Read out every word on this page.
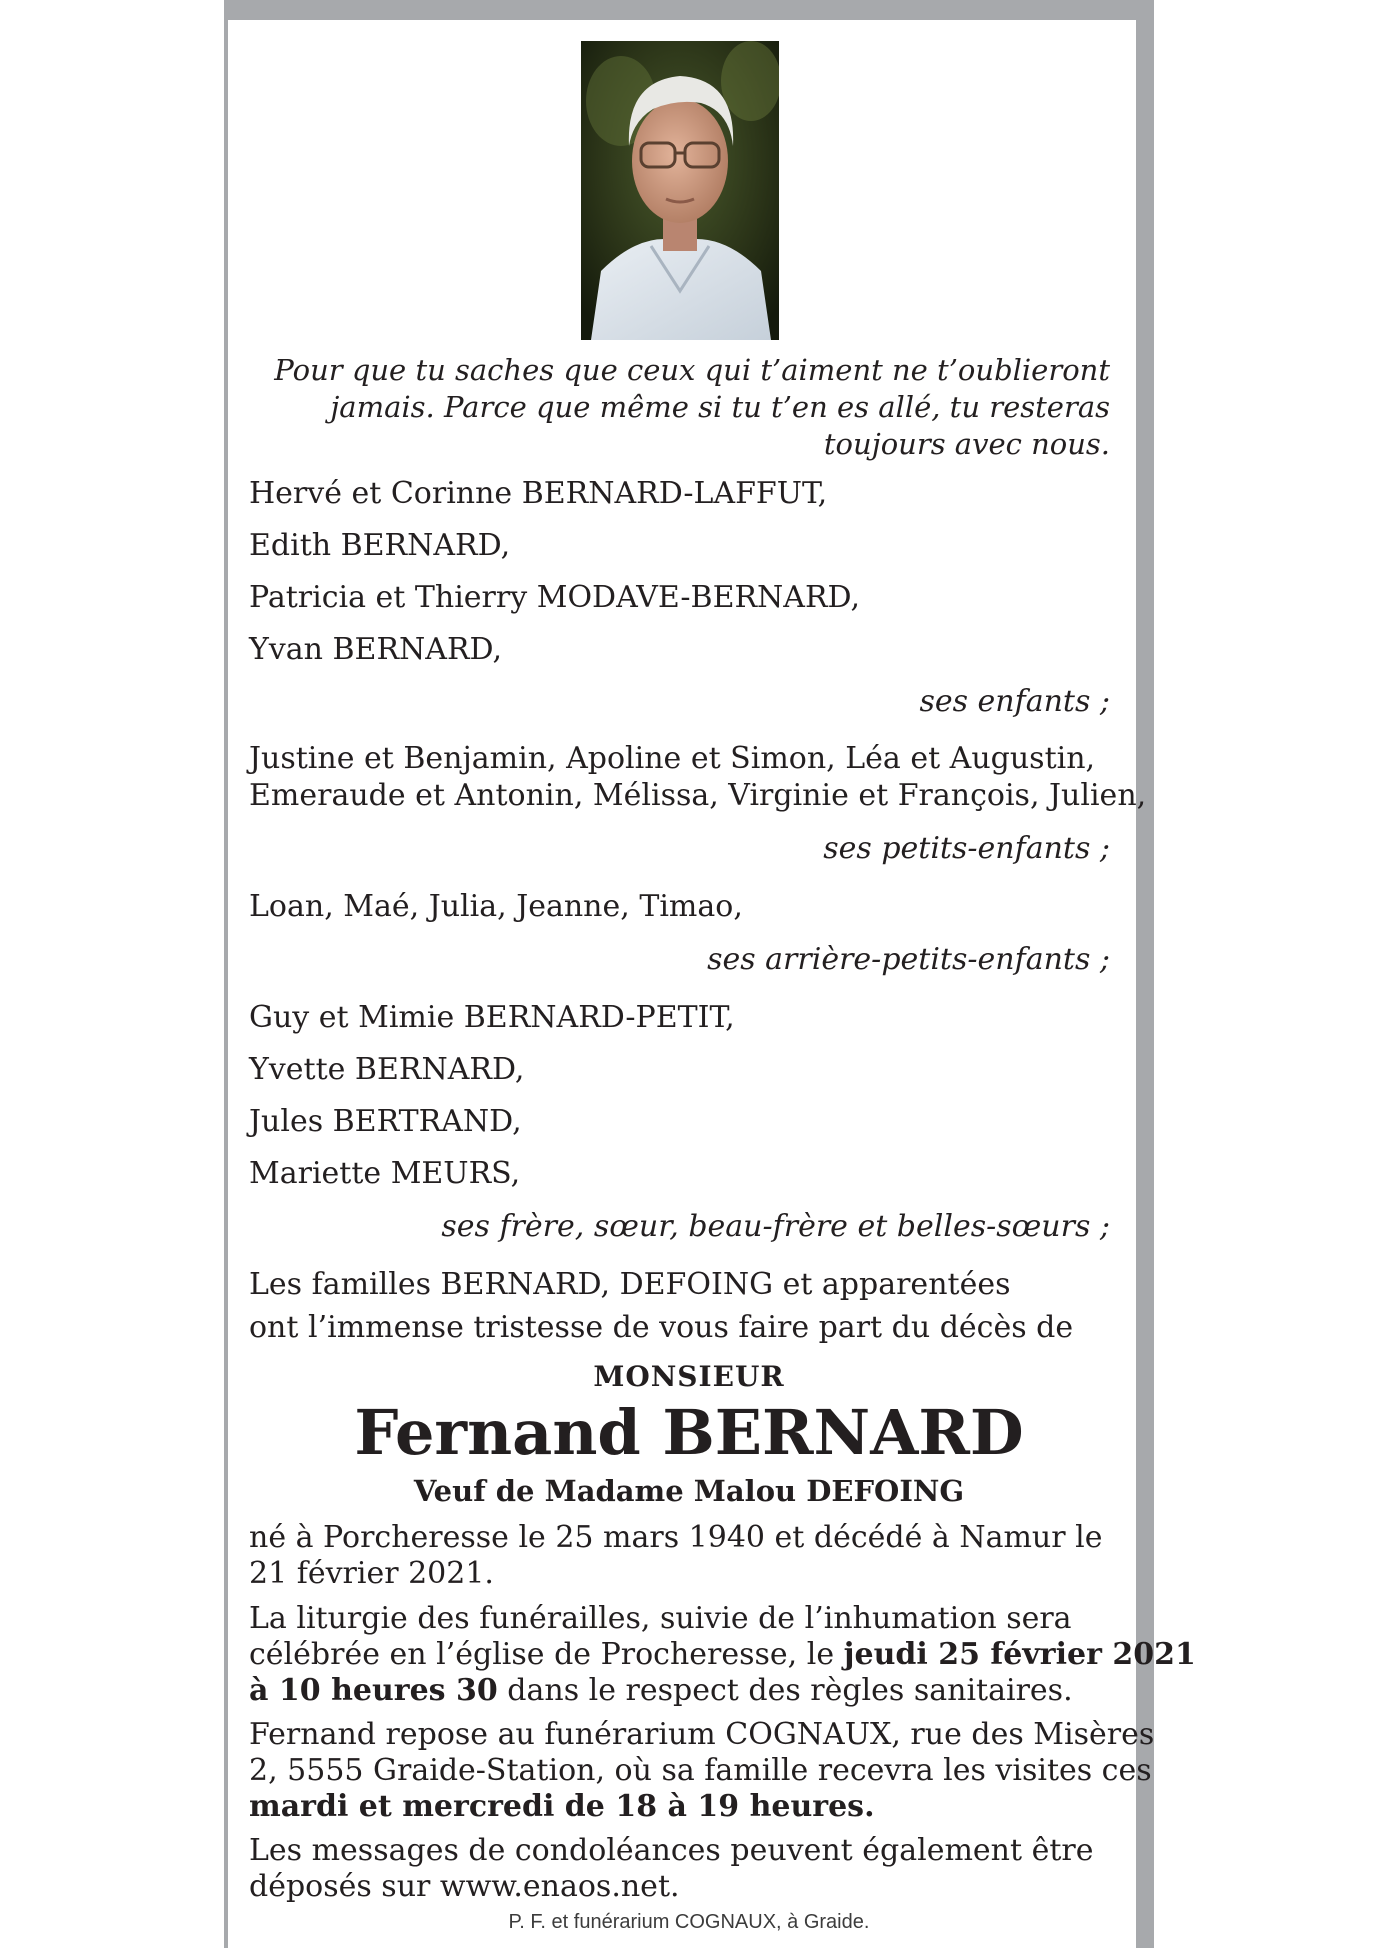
Pour que tu saches que ceux qui t’aiment ne t’oublieront

jamais. Parce que même si tu t’en es allé, tu resteras

toujours avec nous.

Hervé et Corinne BERNARD-LAFFUT,

Edith BERNARD,

Patricia et Thierry MODAVE-BERNARD,

Yvan BERNARD,

ses enfants ;

Justine et Benjamin, Apoline et Simon, Léa et Augustin,

Emeraude et Antonin, Mélissa, Virginie et François, Julien,

ses petits-enfants ;

Loan, Maé, Julia, Jeanne, Timao,

ses arrière-petits-enfants ;

Guy et Mimie BERNARD-PETIT,

Yvette BERNARD,

Jules BERTRAND,

Mariette MEURS,

ses frère, sœur, beau-frère et belles-sœurs ;

Les familles BERNARD, DEFOING et apparentées

ont l’immense tristesse de vous faire part du décès de

MONSIEUR

Fernand BERNARD

Veuf de Madame Malou DEFOING

né à Porcheresse le 25 mars 1940 et décédé à Namur le

21 février 2021.

La liturgie des funérailles, suivie de l’inhumation sera

célébrée en l’église de Procheresse, le jeudi 25 février 2021

à 10 heures 30 dans le respect des règles sanitaires.

Fernand repose au funérarium COGNAUX, rue des Misères

2, 5555 Graide-Station, où sa famille recevra les visites ces

mardi et mercredi de 18 à 19 heures.

Les messages de condoléances peuvent également être

déposés sur www.enaos.net.

P. F. et funérarium COGNAUX, à Graide.
